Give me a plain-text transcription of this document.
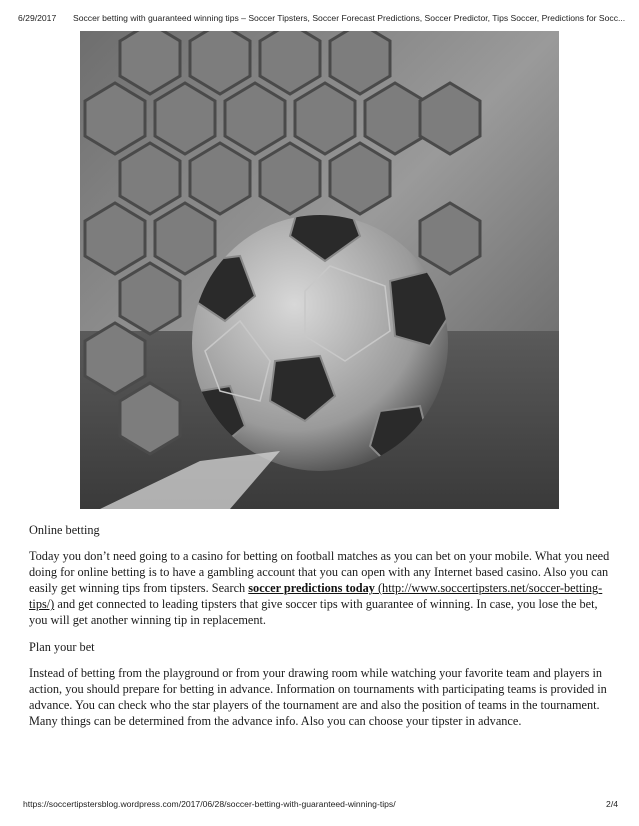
6/29/2017 Soccer betting with guaranteed winning tips – Soccer Tipsters, Soccer Forecast Predictions, Soccer Predictor, Tips Soccer, Predictions for Socc...

Online betting

Today you don’t need going to a casino for betting on football matches as you can bet on your mobile. What you need doing for online betting is to have a gambling account that you can open with any Internet based casino. Also you can easily get winning tips from tipsters. Search soccer predictions today (http://www.soccertipsters.net/soccer-betting-tips/) and get connected to leading tipsters that give soccer tips with guarantee of winning. In case, you lose the bet, you will get another winning tip in replacement.

Plan your bet

Instead of betting from the playground or from your drawing room while watching your favorite team and players in action, you should prepare for betting in advance. Information on tournaments with participating teams is provided in advance. You can check who the star players of the tournament are and also the position of teams in the tournament. Many things can be determined from the advance info. Also you can choose your tipster in advance.

https://soccertipstersblog.wordpress.com/2017/06/28/soccer-betting-with-guaranteed-winning-tips/	2/4
